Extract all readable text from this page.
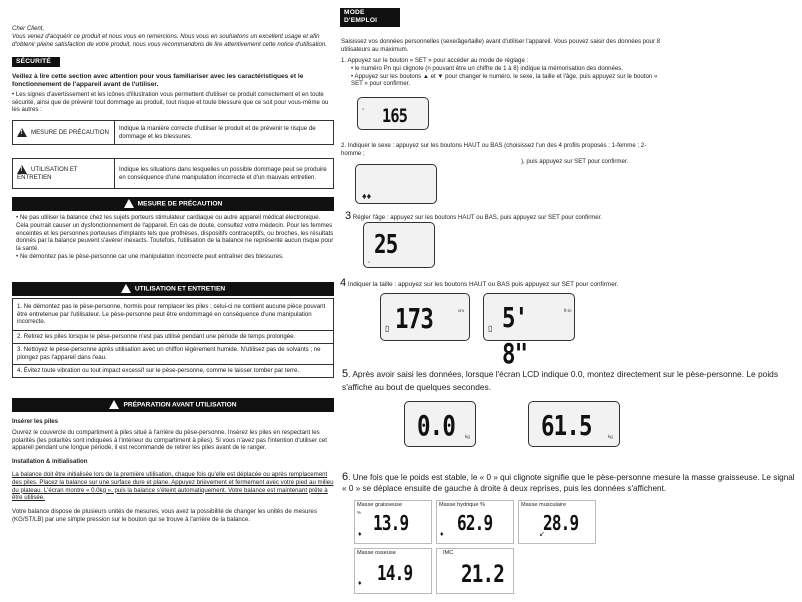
Cher Client,
Vous venez d'acquérir ce produit et nous vous en remercions. Nous vous en souhaitons un excellent usage et afin d'obtenir pleine satisfaction de votre produit, nous vous recommandons de lire attentivement cette notice d'utilisation.
SÉCURITÉ
Veillez à lire cette section avec attention pour vous familiariser avec les caractéristiques et le fonctionnement de l'appareil avant de l'utiliser.
• Les signes d'avertissement et les icônes d'illustration vous permettent d'utiliser ce produit correctement et en toute sécurité, ainsi que de prévenir tout dommage au produit, tout risque et toute blessure que ce soit pour vous-même ou les autres :
!MESURE DE PRÉCAUTION	Indique la manière correcte d'utiliser le produit et de prévenir le risque de dommage et les blessures.
!UTILISATION ET ENTRETIEN	Indique les situations dans lesquelles un possible dommage peut se produire en conséquence d'une manipulation incorrecte et d'un mauvais entretien.
!MESURE DE PRÉCAUTION
• Ne pas utiliser la balance chez les sujets porteurs stimulateur cardiaque ou autre appareil médical électronique. Cela pourrait causer un dysfonctionnement de l'appareil. En cas de doute, consultez votre médecin. Pour les femmes enceintes et les personnes porteuses d'implants tels que prothèses, dispositifs contraceptifs, ou broches, les résultats donnés par la balance peuvent s'avérer inexacts. Toutefois, l'utilisation de la balance ne représente aucun risque pour la santé.
• Ne démontez pas le pèse-personne car une manipulation incorrecte peut entraîner des blessures.
!UTILISATION ET ENTRETIEN
1. Ne démontez pas le pèse-personne, hormis pour remplacer les piles ; celui-ci ne contient aucune pièce pouvant être entretenue par l'utilisateur. Le pèse-personne peut être endommagé en conséquence d'une manipulation incorrecte.
2. Retirez les piles lorsque le pèse-personne n'est pas utilisé pendant une période de temps prolongée.
3. Nettoyez le pèse-personne après utilisation avec un chiffon légèrement humide. N'utilisez pas de solvants ; ne plongez pas l'appareil dans l'eau.
4. Évitez toute vibration ou tout impact excessif sur le pèse-personne, comme le laisser tomber par terre.
!PRÉPARATION AVANT UTILISATION
Insérer les piles
Ouvrez le couvercle du compartiment à piles situé à l'arrière du pèse-personne. Insérez les piles en respectant les polarités (les polarités sont indiquées à l'intérieur du compartiment à piles). Si vous n'avez pas l'intention d'utiliser cet appareil pendant une longue période, il est recommandé de retirer les piles avant de le ranger.
Installation & initialisation
La balance doit être initialisée lors de la première utilisation, chaque fois qu'elle est déplacée ou après remplacement des piles. Placez la balance sur une surface dure et plane. Appuyez brièvement et fermement avec votre pied au milieu du plateau. L'écran montre « 0.0kg », puis la balance s'éteint automatiquement. Votre balance est maintenant prête à être utilisée.
Votre balance dispose de plusieurs unités de mesures, vous avez la possibilité de changer les unités de mesures (KG/ST/LB) par une simple pression sur le bouton qui se trouve à l'arrière de la balance.
MODE D'EMPLOI
Saisissez vos données personnelles (sexe/âge/taille) avant d'utiliser l'appareil. Vous pouvez saisir des données pour 8 utilisateurs au maximum.
1. Appuyez sur le bouton « SET » pour accéder au mode de réglage :
• le numéro Pn qui clignote (n pouvant être un chiffre de 1 à 8) indique la mémorisation des données.
• Appuyez sur les boutons ▲ et ▼ pour changer le numéro, le sexe, la taille et l'âge, puis appuyez sur le bouton « SET » pour confirmer.
ꞈ 165
2. Indiquer le sexe : appuyez sur les boutons HAUT ou BAS (choisissez l'un des 4 profils proposés : 1-femme ; 2-homme ;
), puis appuyez sur SET pour confirmer.
♦♦
3 Régler l'âge : appuyez sur les boutons HAUT ou BAS, puis appuyez sur SET pour confirmer.
25
ꞈ
4 Indiquer la taille : appuyez sur les boutons HAUT ou BAS puis appuyez sur SET pour confirmer.
▯ 173	cm
▯ 5' 8"
ft-in
5. Après avoir saisi les données, lorsque l'écran LCD indique 0.0, montez directement sur le pèse-personne. Le poids s'affiche au bout de quelques secondes.
0.0 kg	61.5	kg
6. Une fois que le poids est stable, le « 0 » qui clignote signifie que le pèse-personne mesure la masse graisseuse. Le signal « 0 » se déplace ensuite de gauche à droite à deux reprises, puis les données s'affichent.
Masse graisseuse
% 13.9
♦
Masse hydrique %
62.9
♦
Masse musculaire
28.9
↙
Masse osseuse
14.9
♦
IMC
21.2
